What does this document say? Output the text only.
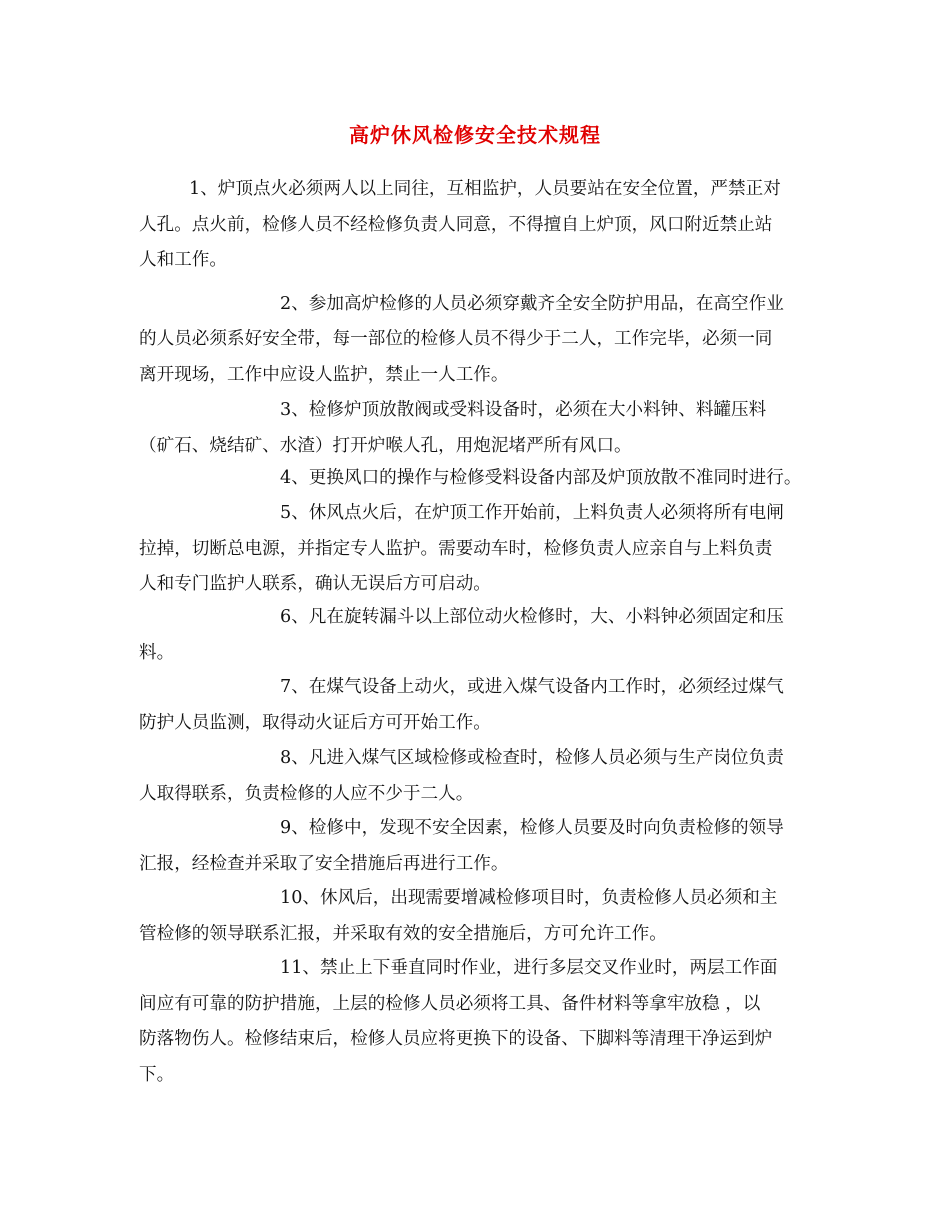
高炉休风检修安全技术规程
1、炉顶点火必须两人以上同往，互相监护，人员要站在安全位置，严禁正对
人孔。点火前，检修人员不经检修负责人同意，不得擅自上炉顶，风口附近禁止站
人和工作。
2、参加高炉检修的人员必须穿戴齐全安全防护用品，在高空作业
的人员必须系好安全带，每一部位的检修人员不得少于二人，工作完毕，必须一同
离开现场，工作中应设人监护，禁止一人工作。
3、检修炉顶放散阀或受料设备时，必须在大小料钟、料罐压料
（矿石、烧结矿、水渣）打开炉喉人孔，用炮泥堵严所有风口。
4、更换风口的操作与检修受料设备内部及炉顶放散不准同时进行。
5、休风点火后，在炉顶工作开始前，上料负责人必须将所有电闸
拉掉，切断总电源，并指定专人监护。需要动车时，检修负责人应亲自与上料负责
人和专门监护人联系，确认无误后方可启动。
6、凡在旋转漏斗以上部位动火检修时，大、小料钟必须固定和压
料。
7、在煤气设备上动火，或进入煤气设备内工作时，必须经过煤气
防护人员监测，取得动火证后方可开始工作。
8、凡进入煤气区域检修或检查时，检修人员必须与生产岗位负责
人取得联系，负责检修的人应不少于二人。
9、检修中，发现不安全因素，检修人员要及时向负责检修的领导
汇报，经检查并采取了安全措施后再进行工作。
10、休风后，出现需要增减检修项目时，负责检修人员必须和主
管检修的领导联系汇报，并采取有效的安全措施后，方可允许工作。
11、禁止上下垂直同时作业，进行多层交叉作业时，两层工作面
间应有可靠的防护措施，上层的检修人员必须将工具、备件材料等拿牢放稳 ，以
防落物伤人。检修结束后，检修人员应将更换下的设备、下脚料等清理干净运到炉
下。
